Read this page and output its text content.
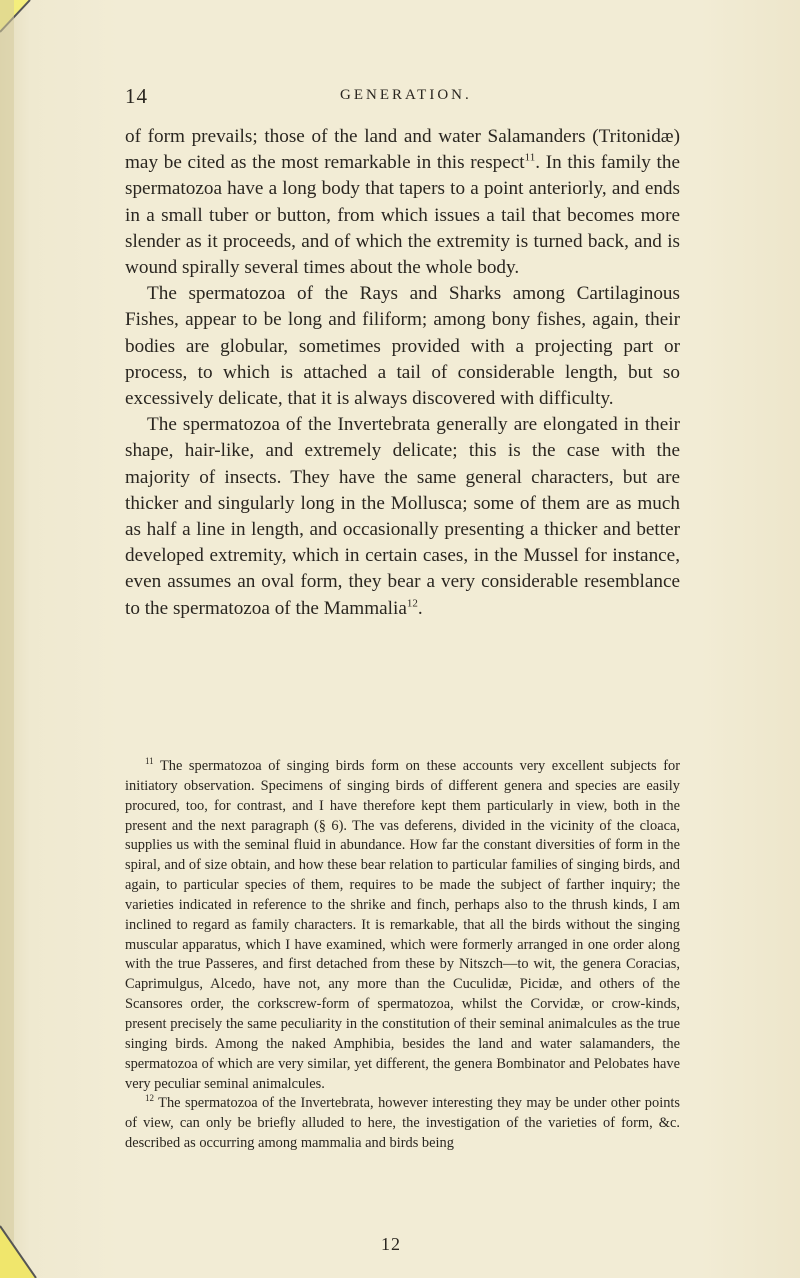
14	GENERATION.

of form prevails; those of the land and water Salamanders (Tritonidæ) may be cited as the most remarkable in this respect$^{11}$. In this family the spermatozoa have a long body that tapers to a point anteriorly, and ends in a small tuber or button, from which issues a tail that becomes more slender as it proceeds, and of which the extremity is turned back, and is wound spirally several times about the whole body.

The spermatozoa of the Rays and Sharks among Cartilaginous Fishes, appear to be long and filiform; among bony fishes, again, their bodies are globular, sometimes provided with a projecting part or process, to which is attached a tail of considerable length, but so excessively delicate, that it is always discovered with difficulty.

The spermatozoa of the Invertebrata generally are elongated in their shape, hair-like, and extremely delicate; this is the case with the majority of insects. They have the same general characters, but are thicker and singularly long in the Mollusca; some of them are as much as half a line in length, and occasionally presenting a thicker and better developed extremity, which in certain cases, in the Mussel for instance, even assumes an oval form, they bear a very considerable resemblance to the spermatozoa of the Mammalia$^{12}$.

$^{11}$ The spermatozoa of singing birds form on these accounts very excellent subjects for initiatory observation. Specimens of singing birds of different genera and species are easily procured, too, for contrast, and I have therefore kept them particularly in view, both in the present and the next paragraph (§ 6). The vas deferens, divided in the vicinity of the cloaca, supplies us with the seminal fluid in abundance. How far the constant diversities of form in the spiral, and of size obtain, and how these bear relation to particular families of singing birds, and again, to particular species of them, requires to be made the subject of farther inquiry; the varieties indicated in reference to the shrike and finch, perhaps also to the thrush kinds, I am inclined to regard as family characters. It is remarkable, that all the birds without the singing muscular apparatus, which I have examined, which were formerly arranged in one order along with the true Passeres, and first detached from these by Nitszch—to wit, the genera Coracias, Caprimulgus, Alcedo, have not, any more than the Cuculidæ, Picidæ, and others of the Scansores order, the corkscrew-form of spermatozoa, whilst the Corvidæ, or crow-kinds, present precisely the same peculiarity in the constitution of their seminal animalcules as the true singing birds. Among the naked Amphibia, besides the land and water salamanders, the spermatozoa of which are very similar, yet different, the genera Bombinator and Pelobates have very peculiar seminal animalcules.

$^{12}$ The spermatozoa of the Invertebrata, however interesting they may be under other points of view, can only be briefly alluded to here, the investigation of the varieties of form, &c. described as occurring among mammalia and birds being

12
